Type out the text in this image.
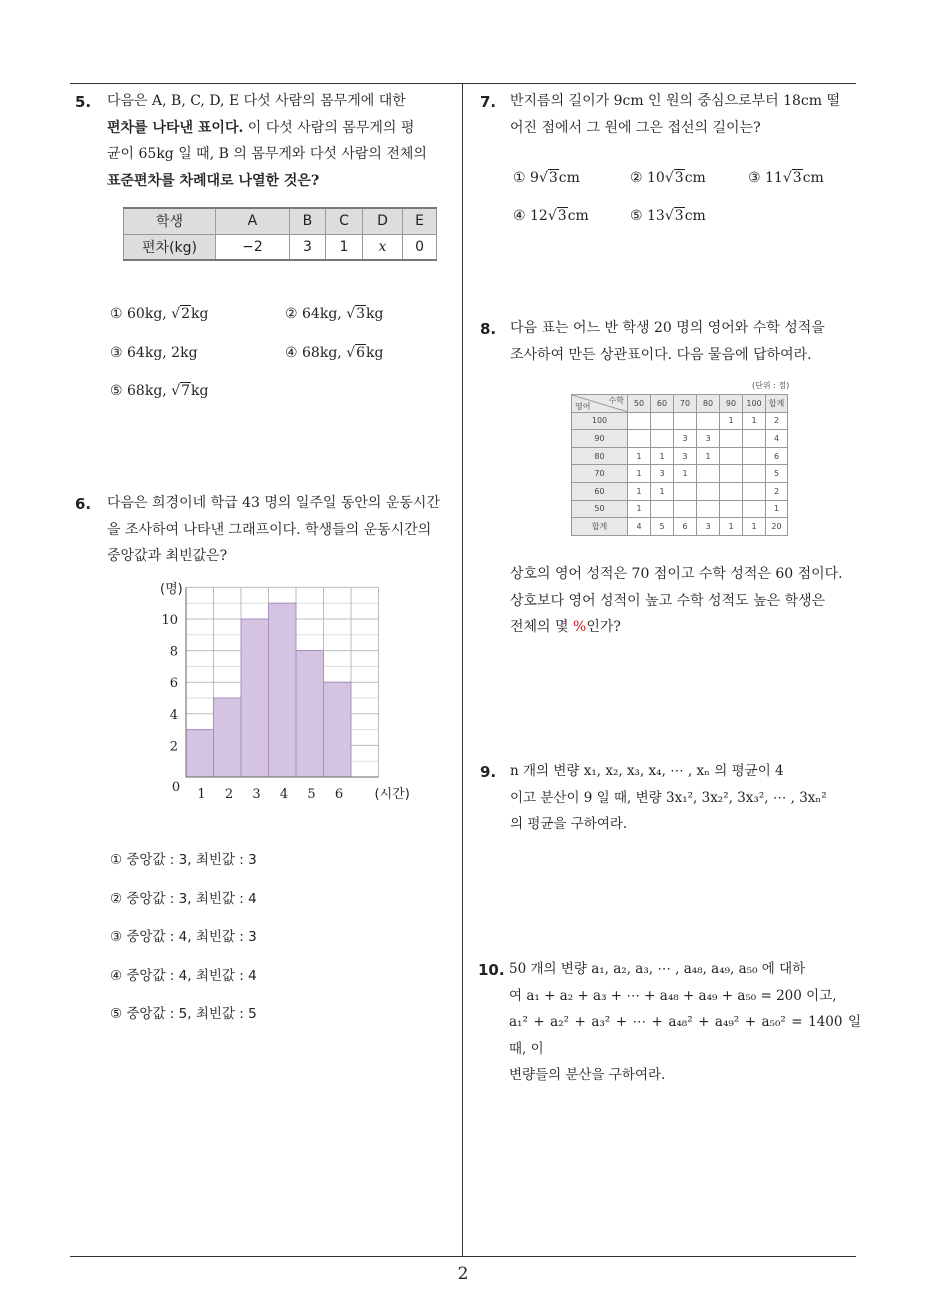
5. 다음은 A, B, C, D, E 다섯 사람의 몸무게에 대한
편차를 나타낸 표이다. 이 다섯 사람의 몸무게의 평
균이 65kg 일 때, B 의 몸무게와 다섯 사람의 전체의
표준편차를 차례대로 나열한 것은?
학생	A	B	C	D	E
편차(kg)	−2	3	1	x	0
① 60kg, √2kg	② 64kg, √3kg
③ 64kg, 2kg	④ 68kg, √6kg
⑤ 68kg, √7kg
6. 다음은 희경이네 학급 43 명의 일주일 동안의 운동시간
을 조사하여 나타낸 그래프이다. 학생들의 운동시간의
중앙값과 최빈값은?
2
4
6
8
10
0 1 2 3 4 5 6 (시간)
(명)
① 중앙값 : 3, 최빈값 : 3
② 중앙값 : 3, 최빈값 : 4
③ 중앙값 : 4, 최빈값 : 3
④ 중앙값 : 4, 최빈값 : 4
⑤ 중앙값 : 5, 최빈값 : 5
7. 반지름의 길이가 9cm 인 원의 중심으로부터 18cm 떨
어진 점에서 그 원에 그은 접선의 길이는?
① 9√3cm	② 10√3cm	③ 11√3cm
④ 12√3cm	⑤ 13√3cm
8. 다음 표는 어느 반 학생 20 명의 영어와 수학 성적을
조사하여 만든 상관표이다. 다음 물음에 답하여라.
(단위 : 점)
수학
영어	50	60	70	80	90	100	합계
100					1	1	2
90			3	3			4
80	1	1	3	1			6
70	1	3	1				5
60	1	1					2
50	1						1
합계	4	5	6	3	1	1	20
상호의 영어 성적은 70 점이고 수학 성적은 60 점이다.
상호보다 영어 성적이 높고 수학 성적도 높은 학생은
전체의 몇 %인가?
9. n 개의 변량 x₁, x₂, x₃, x₄, ⋯ , xₙ 의 평균이 4
이고 분산이 9 일 때, 변량 3x₁², 3x₂², 3x₃², ⋯ , 3xₙ²
의 평균을 구하여라.
10. 50 개의 변량 a₁, a₂, a₃, ⋯ , a₄₈, a₄₉, a₅₀ 에 대하
여 a₁ + a₂ + a₃ + ⋯ + a₄₈ + a₄₉ + a₅₀ = 200 이고,
a₁² + a₂² + a₃² + ⋯ + a₄₈² + a₄₉² + a₅₀² = 1400 일 때, 이
변량들의 분산을 구하여라.
2
